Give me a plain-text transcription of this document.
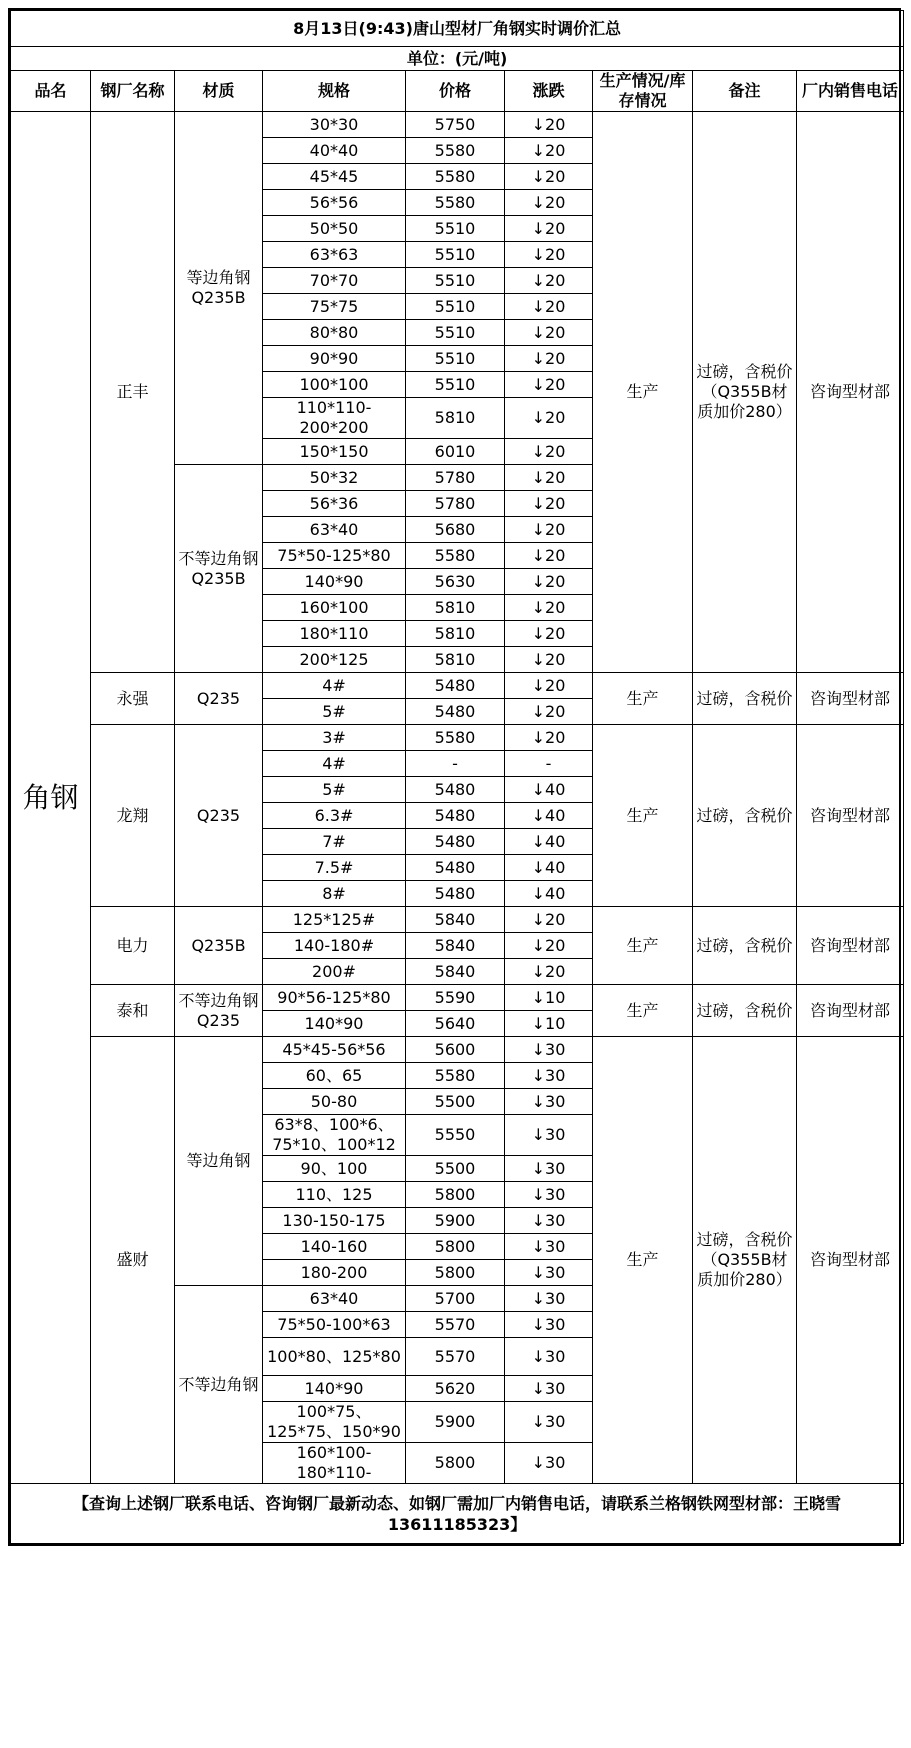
8月13日(9:43)唐山型材厂角钢实时调价汇总								
单位：(元/吨)								
品名	钢厂名称	材质	规格	价格	涨跌	生产情况/库存情况	备注	厂内销售电话
角钢	正丰	等边角钢Q235B	30*30	5750	↓20	生产	过磅，含税价（Q355B材质加价280）	咨询型材部
			40*40	5580	↓20			
			45*45	5580	↓20			
			56*56	5580	↓20			
			50*50	5510	↓20			
			63*63	5510	↓20			
			70*70	5510	↓20			
			75*75	5510	↓20			
			80*80	5510	↓20			
			90*90	5510	↓20			
			100*100	5510	↓20			
			110*110-200*200	5810	↓20			
			150*150	6010	↓20			
		不等边角钢Q235B	50*32	5780	↓20			
			56*36	5780	↓20			
			63*40	5680	↓20			
			75*50-125*80	5580	↓20			
			140*90	5630	↓20			
			160*100	5810	↓20			
			180*110	5810	↓20			
			200*125	5810	↓20			
	永强	Q235	4#	5480	↓20	生产	过磅，含税价	咨询型材部
			5#	5480	↓20			
	龙翔	Q235	3#	5580	↓20	生产	过磅，含税价	咨询型材部
			4#	-	-			
			5#	5480	↓40			
			6.3#	5480	↓40			
			7#	5480	↓40			
			7.5#	5480	↓40			
			8#	5480	↓40			
	电力	Q235B	125*125#	5840	↓20	生产	过磅，含税价	咨询型材部
			140-180#	5840	↓20			
			200#	5840	↓20			
	泰和	不等边角钢Q235	90*56-125*80	5590	↓10	生产	过磅，含税价	咨询型材部
			140*90	5640	↓10			
	盛财	等边角钢	45*45-56*56	5600	↓30	生产	过磅，含税价（Q355B材质加价280）	咨询型材部
			60、65	5580	↓30			
			50-80	5500	↓30			
			63*8、100*6、75*10、100*12	5550	↓30			
			90、100	5500	↓30			
			110、125	5800	↓30			
			130-150-175	5900	↓30			
			140-160	5800	↓30			
			180-200	5800	↓30			
		不等边角钢	63*40	5700	↓30			
			75*50-100*63	5570	↓30			
			100*80、125*80	5570	↓30			
			140*90	5620	↓30			
			100*75、125*75、150*90	5900	↓30			
			160*100-180*110-	5800	↓30			
【查询上述钢厂联系电话、咨询钢厂最新动态、如钢厂需加厂内销售电话，请联系兰格钢铁网型材部：王晓雪13611185323】								
